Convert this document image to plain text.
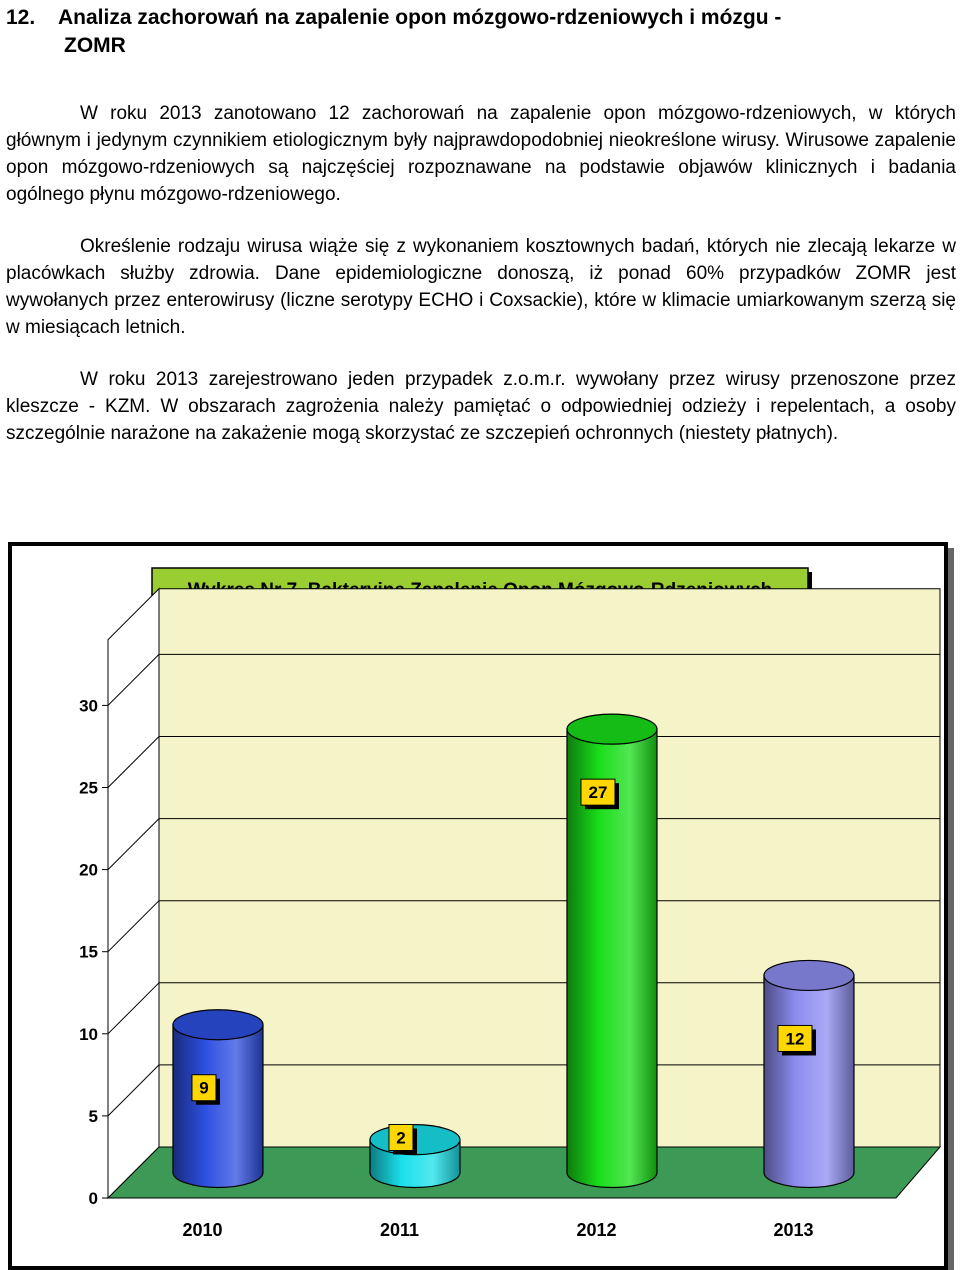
12. Analiza zachorowań na zapalenie opon mózgowo-rdzeniowych i mózgu -
ZOMR
W roku 2013 zanotowano 12 zachorowań na zapalenie opon mózgowo-rdzeniowych, w których głównym i jedynym czynnikiem etiologicznym były najprawdopodobniej nieokreślone wirusy. Wirusowe zapalenie opon mózgowo-rdzeniowych są najczęściej rozpoznawane na podstawie objawów klinicznych i badania ogólnego płynu mózgowo-rdzeniowego.
Określenie rodzaju wirusa wiąże się z wykonaniem kosztownych badań, których nie zlecają lekarze w placówkach służby zdrowia. Dane epidemiologiczne donoszą, iż ponad 60% przypadków ZOMR jest wywołanych przez enterowirusy (liczne serotypy ECHO i Coxsackie), które w klimacie umiarkowanym szerzą się w miesiącach letnich.
W roku 2013 zarejestrowano jeden przypadek z.o.m.r. wywołany przez wirusy przenoszone przez kleszcze - KZM. W obszarach zagrożenia należy pamiętać o odpowiedniej odzieży i repelentach, a osoby szczególnie narażone na zakażenie mogą skorzystać ze szczepień ochronnych (niestety płatnych).
0
5
10
15
20
25
30
9
2010
2
2011
27
2012
12
2013
